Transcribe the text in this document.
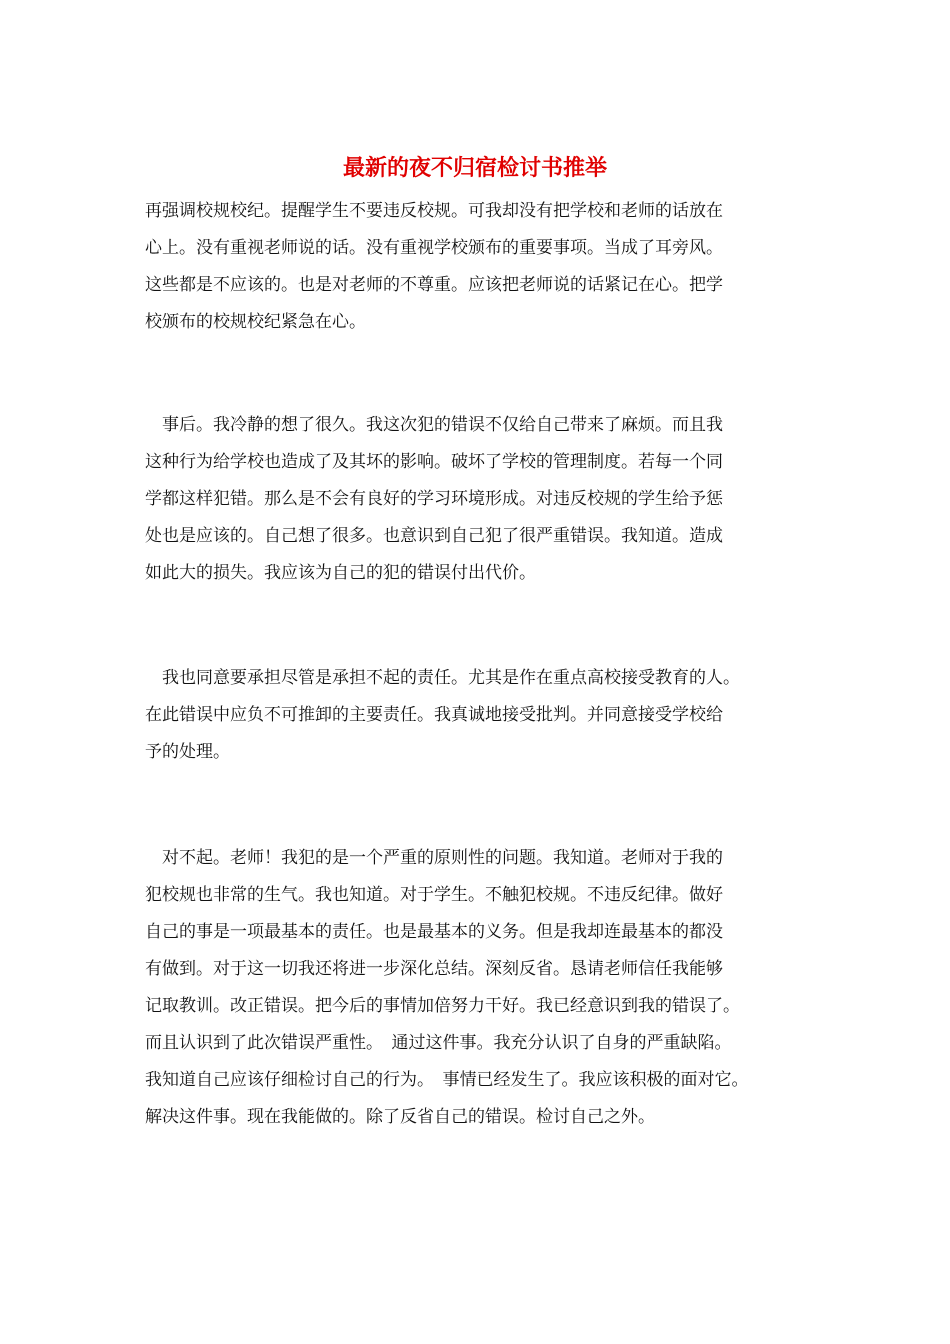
最新的夜不归宿检讨书推举
再强调校规校纪。提醒学生不要违反校规。可我却没有把学校和老师的话放在
心上。没有重视老师说的话。没有重视学校颁布的重要事项。当成了耳旁风。
这些都是不应该的。也是对老师的不尊重。应该把老师说的话紧记在心。把学
校颁布的校规校纪紧急在心。
　事后。我冷静的想了很久。我这次犯的错误不仅给自己带来了麻烦。而且我
这种行为给学校也造成了及其坏的影响。破坏了学校的管理制度。若每一个同
学都这样犯错。那么是不会有良好的学习环境形成。对违反校规的学生给予惩
处也是应该的。自己想了很多。也意识到自己犯了很严重错误。我知道。造成
如此大的损失。我应该为自己的犯的错误付出代价。
　我也同意要承担尽管是承担不起的责任。尤其是作在重点高校接受教育的人。
在此错误中应负不可推卸的主要责任。我真诚地接受批判。并同意接受学校给
予的处理。
　对不起。老师！我犯的是一个严重的原则性的问题。我知道。老师对于我的
犯校规也非常的生气。我也知道。对于学生。不触犯校规。不违反纪律。做好
自己的事是一项最基本的责任。也是最基本的义务。但是我却连最基本的都没
有做到。对于这一切我还将进一步深化总结。深刻反省。恳请老师信任我能够
记取教训。改正错误。把今后的事情加倍努力干好。我已经意识到我的错误了。
而且认识到了此次错误严重性。　通过这件事。我充分认识了自身的严重缺陷。
我知道自己应该仔细检讨自己的行为。　事情已经发生了。我应该积极的面对它。
解决这件事。现在我能做的。除了反省自己的错误。检讨自己之外。
